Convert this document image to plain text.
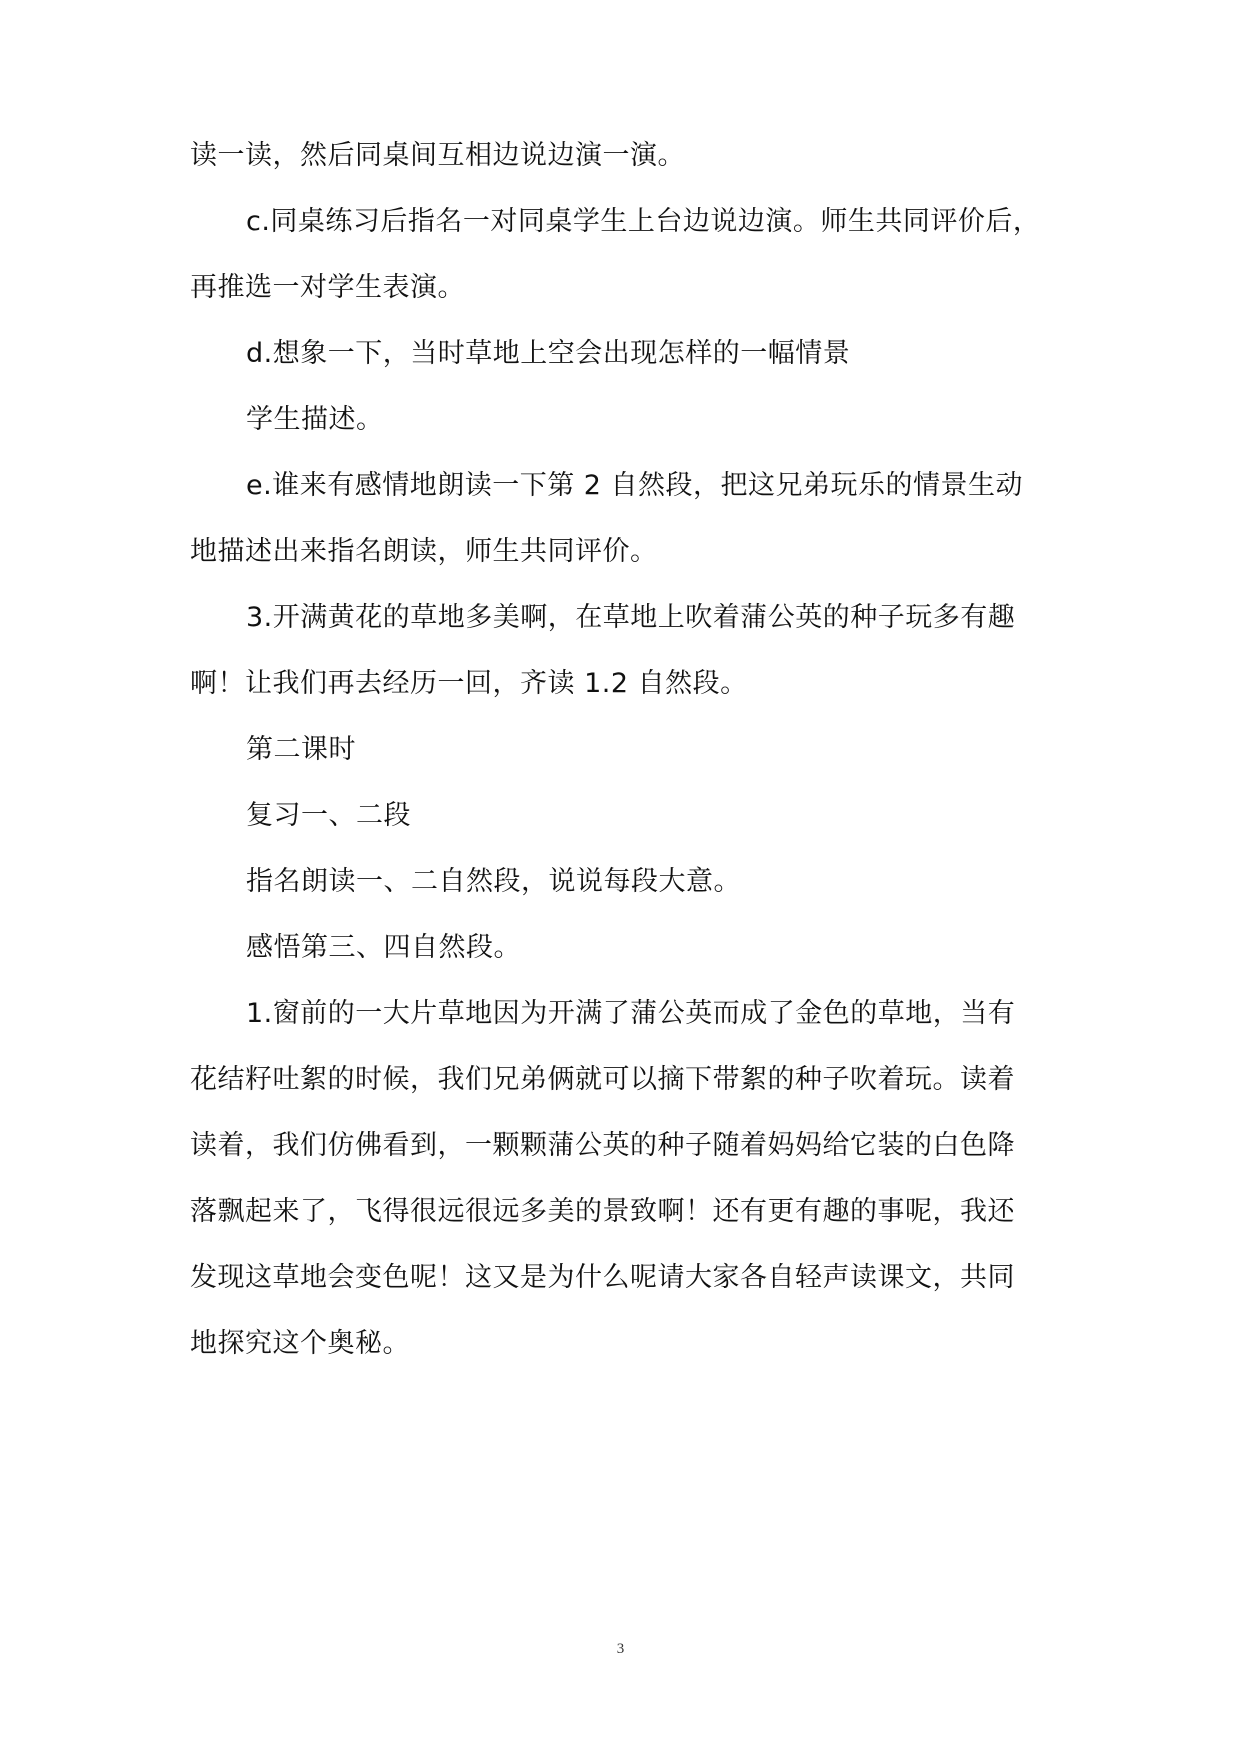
读一读，然后同桌间互相边说边演一演。
c.同桌练习后指名一对同桌学生上台边说边演。师生共同评价后，
再推选一对学生表演。
d.想象一下，当时草地上空会出现怎样的一幅情景
学生描述。
e.谁来有感情地朗读一下第 2 自然段，把这兄弟玩乐的情景生动
地描述出来指名朗读，师生共同评价。
3.开满黄花的草地多美啊，在草地上吹着蒲公英的种子玩多有趣
啊！让我们再去经历一回，齐读 1.2 自然段。
第二课时
复习一、二段
指名朗读一、二自然段，说说每段大意。
感悟第三、四自然段。
1.窗前的一大片草地因为开满了蒲公英而成了金色的草地，当有
花结籽吐絮的时候，我们兄弟俩就可以摘下带絮的种子吹着玩。读着
读着，我们仿佛看到，一颗颗蒲公英的种子随着妈妈给它装的白色降
落飘起来了，飞得很远很远多美的景致啊！还有更有趣的事呢，我还
发现这草地会变色呢！这又是为什么呢请大家各自轻声读课文，共同
地探究这个奥秘。
3
